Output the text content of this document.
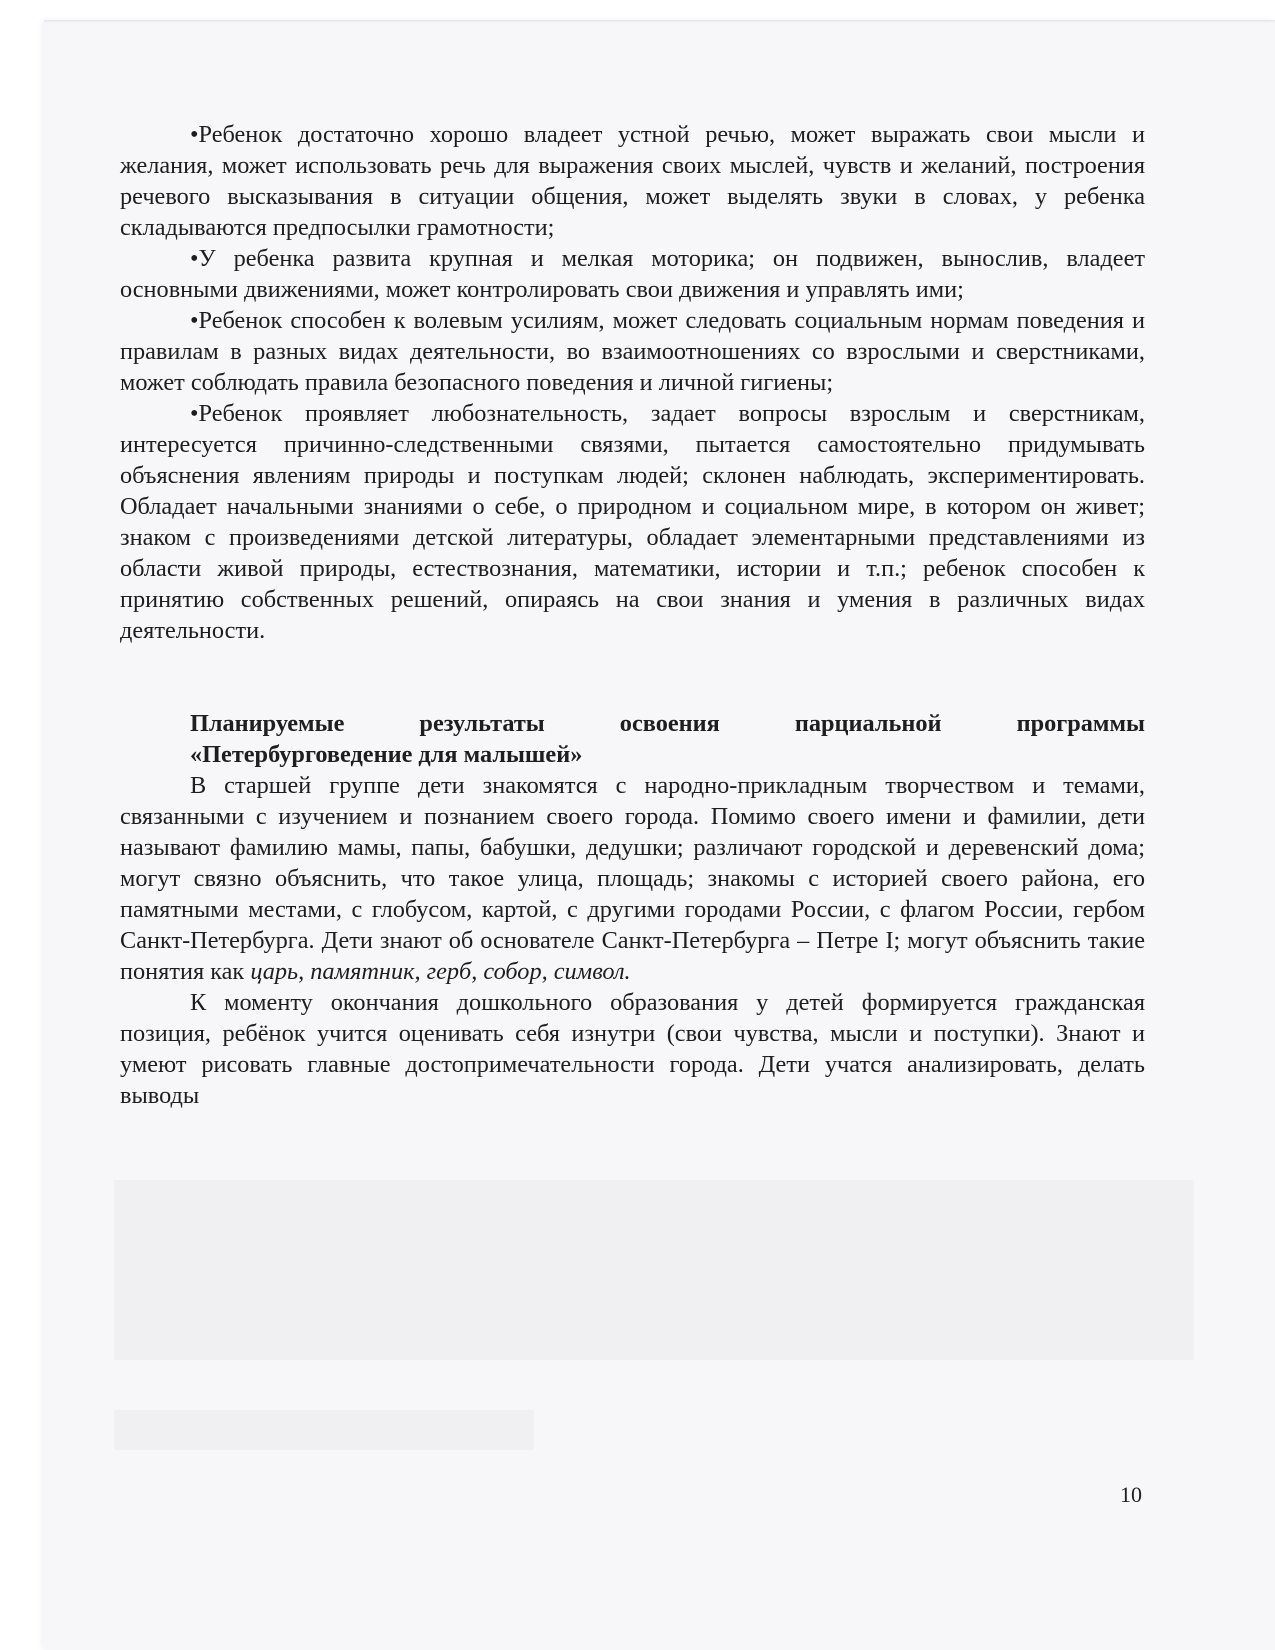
•Ребенок достаточно хорошо владеет устной речью, может выражать свои мысли и желания, может использовать речь для выражения своих мыслей, чувств и желаний, построения речевого высказывания в ситуации общения, может выделять звуки в словах, у ребенка складываются предпосылки грамотности;

•У ребенка развита крупная и мелкая моторика; он подвижен, вынослив, владеет основными движениями, может контролировать свои движения и управлять ими;

•Ребенок способен к волевым усилиям, может следовать социальным нормам поведения и правилам в разных видах деятельности, во взаимоотношениях со взрослыми и сверстниками, может соблюдать правила безопасного поведения и личной гигиены;

•Ребенок проявляет любознательность, задает вопросы взрослым и сверстникам, интересуется причинно-следственными связями, пытается самостоятельно придумывать объяснения явлениям природы и поступкам людей; склонен наблюдать, экспериментировать. Обладает начальными знаниями о себе, о природном и социальном мире, в котором он живет; знаком с произведениями детской литературы, обладает элементарными представлениями из области живой природы, естествознания, математики, истории и т.п.; ребенок способен к принятию собственных решений, опираясь на свои знания и умения в различных видах деятельности.

Планируемые результаты освоения парциальной программы

«Петербурговедение для малышей»

В старшей группе дети знакомятся с народно-прикладным творчеством и темами, связанными с изучением и познанием своего города. Помимо своего имени и фамилии, дети называют фамилию мамы, папы, бабушки, дедушки; различают городской и деревенский дома; могут связно объяснить, что такое улица, площадь; знакомы с историей своего района, его памятными местами, с глобусом, картой, с другими городами России, с флагом России, гербом Санкт-Петербурга. Дети знают об основателе Санкт-Петербурга – Петре I; могут объяснить такие понятия как царь, памятник, герб, собор, символ.

К моменту окончания дошкольного образования у детей формируется гражданская позиция, ребёнок учится оценивать себя изнутри (свои чувства, мысли и поступки). Знают и умеют рисовать главные достопримечательности города. Дети учатся анализировать, делать выводы

10
